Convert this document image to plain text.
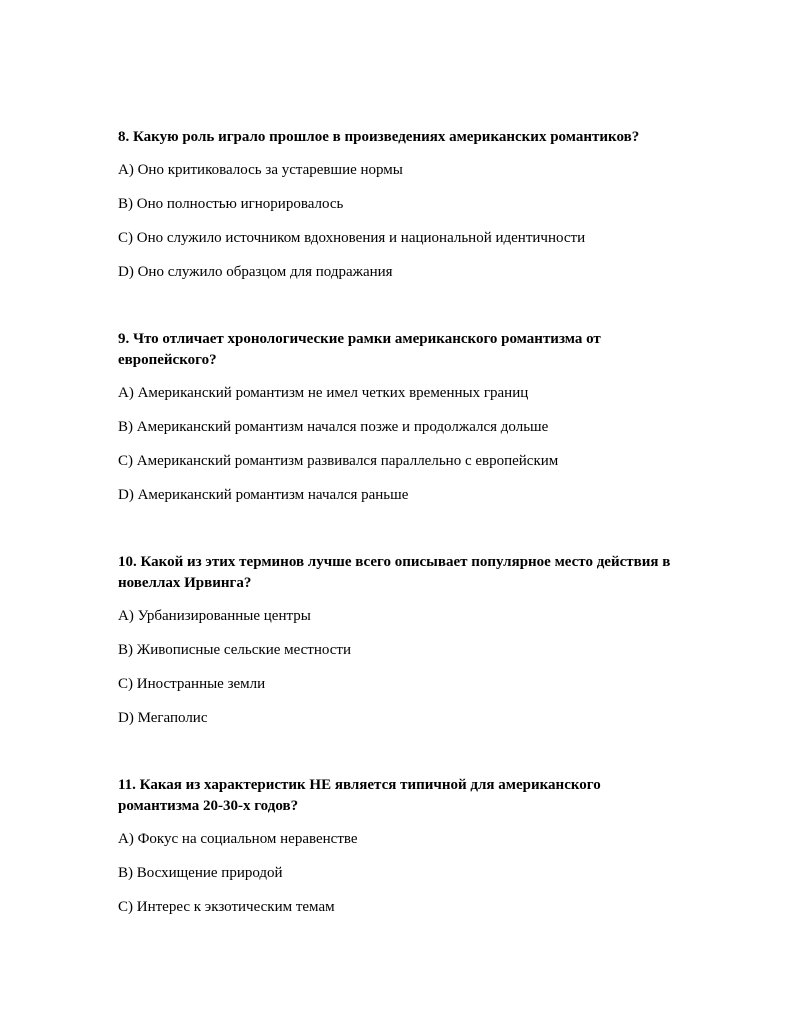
8. Какую роль играло прошлое в произведениях американских романтиков?

A) Оно критиковалось за устаревшие нормы

B) Оно полностью игнорировалось

C) Оно служило источником вдохновения и национальной идентичности

D) Оно служило образцом для подражания

9. Что отличает хронологические рамки американского романтизма от европейского?

A) Американский романтизм не имел четких временных границ

B) Американский романтизм начался позже и продолжался дольше

C) Американский романтизм развивался параллельно с европейским

D) Американский романтизм начался раньше

10. Какой из этих терминов лучше всего описывает популярное место действия в новеллах Ирвинга?

A) Урбанизированные центры

B) Живописные сельские местности

C) Иностранные земли

D) Мегаполис

11. Какая из характеристик НЕ является типичной для американского романтизма 20-30-х годов?

A) Фокус на социальном неравенстве

B) Восхищение природой

C) Интерес к экзотическим темам
